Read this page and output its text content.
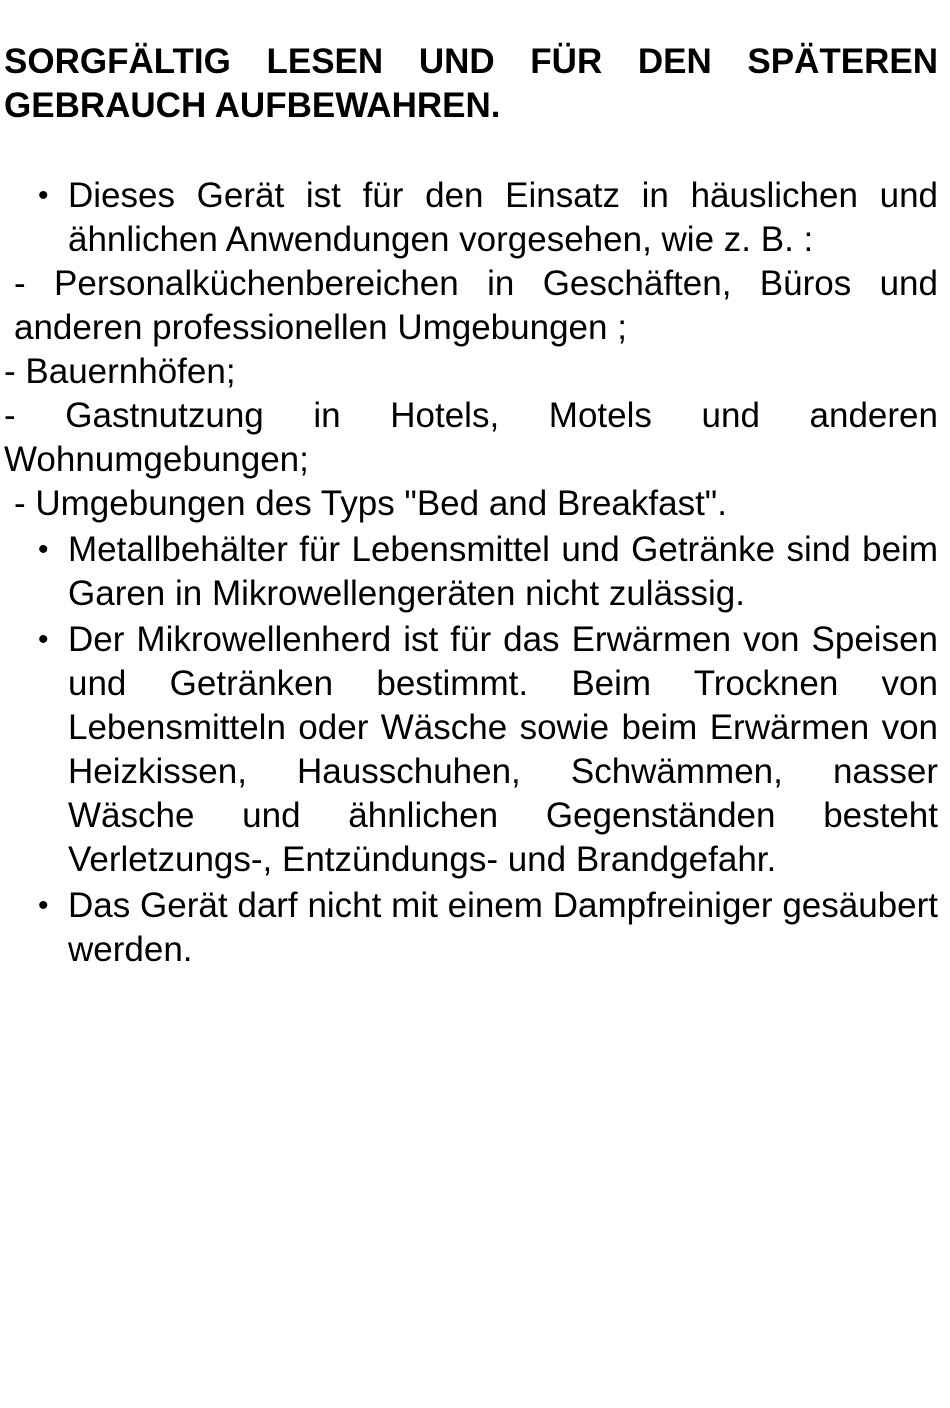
SORGFÄLTIG LESEN UND FÜR DEN SPÄTEREN GEBRAUCH AUFBEWAHREN.

• Dieses Gerät ist für den Einsatz in häuslichen und ähnlichen Anwendungen vorgesehen, wie z. B. :

- Personalküchenbereichen in Geschäften, Büros und anderen professionellen Umgebungen ;

- Bauernhöfen;

- Gastnutzung in Hotels, Motels und anderen Wohnumgebungen;

- Umgebungen des Typs "Bed and Breakfast".

• Metallbehälter für Lebensmittel und Getränke sind beim Garen in Mikrowellengeräten nicht zulässig.
• Der Mikrowellenherd ist für das Erwärmen von Speisen und Getränken bestimmt. Beim Trocknen von Lebensmitteln oder Wäsche sowie beim Erwärmen von Heizkissen, Hausschuhen, Schwämmen, nasser Wäsche und ähnlichen Gegenständen besteht Verletzungs-, Entzündungs- und Brandgefahr.
• Das Gerät darf nicht mit einem Dampfreiniger gesäubert werden.
